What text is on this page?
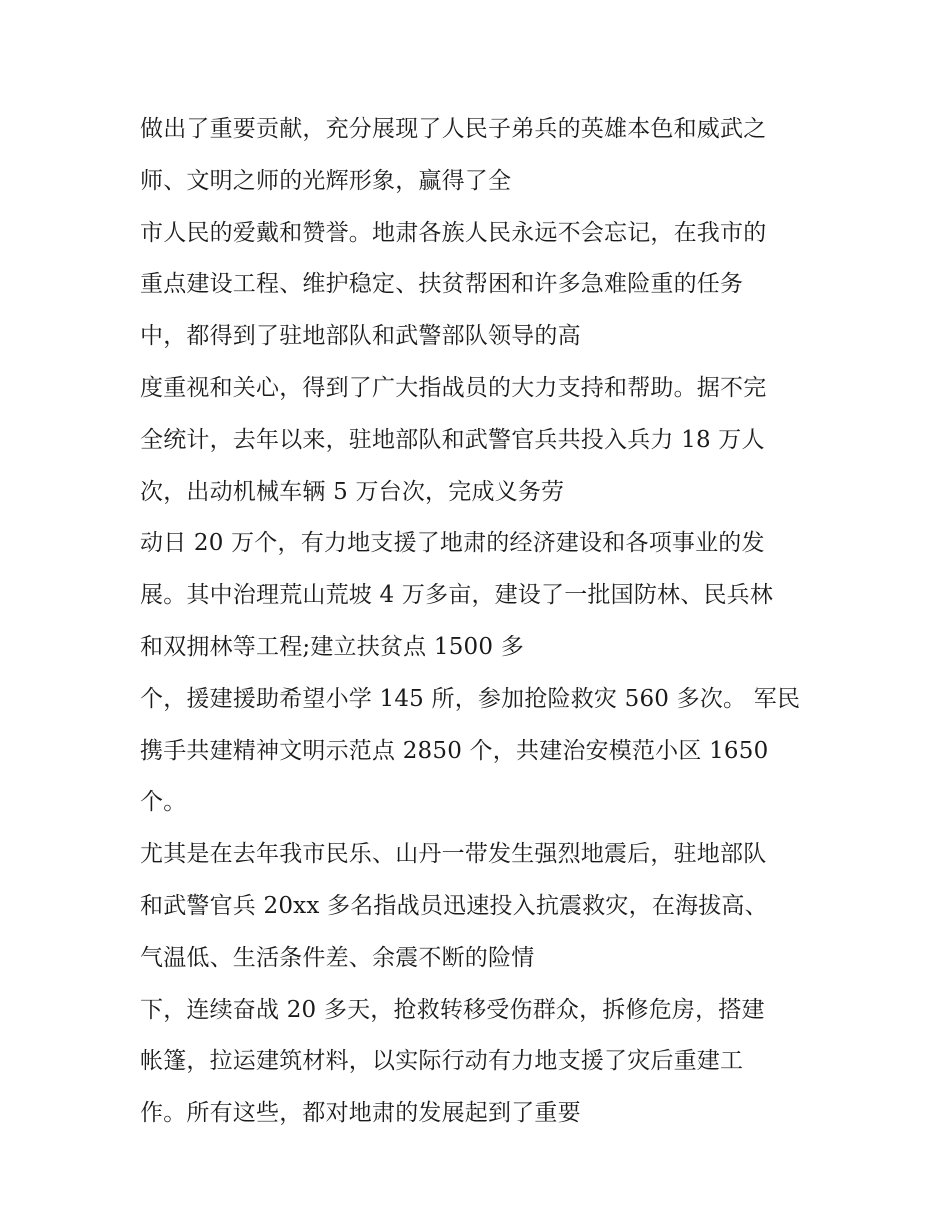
做出了重要贡献，充分展现了人民子弟兵的英雄本色和威武之
师、文明之师的光辉形象，赢得了全
市人民的爱戴和赞誉。地肃各族人民永远不会忘记，在我市的
重点建设工程、维护稳定、扶贫帮困和许多急难险重的任务
中，都得到了驻地部队和武警部队领导的高
度重视和关心，得到了广大指战员的大力支持和帮助。据不完
全统计，去年以来，驻地部队和武警官兵共投入兵力 18 万人
次，出动机械车辆 5 万台次，完成义务劳
动日 20 万个，有力地支援了地肃的经济建设和各项事业的发
展。其中治理荒山荒坡 4 万多亩，建设了一批国防林、民兵林
和双拥林等工程;建立扶贫点 1500 多
个，援建援助希望小学 145 所，参加抢险救灾 560 多次。 军民
携手共建精神文明示范点 2850 个，共建治安模范小区 1650
个。
尤其是在去年我市民乐、山丹一带发生强烈地震后，驻地部队
和武警官兵 20xx 多名指战员迅速投入抗震救灾，在海拔高、
气温低、生活条件差、余震不断的险情
下，连续奋战 20 多天，抢救转移受伤群众，拆修危房，搭建
帐篷，拉运建筑材料，以实际行动有力地支援了灾后重建工
作。所有这些，都对地肃的发展起到了重要
